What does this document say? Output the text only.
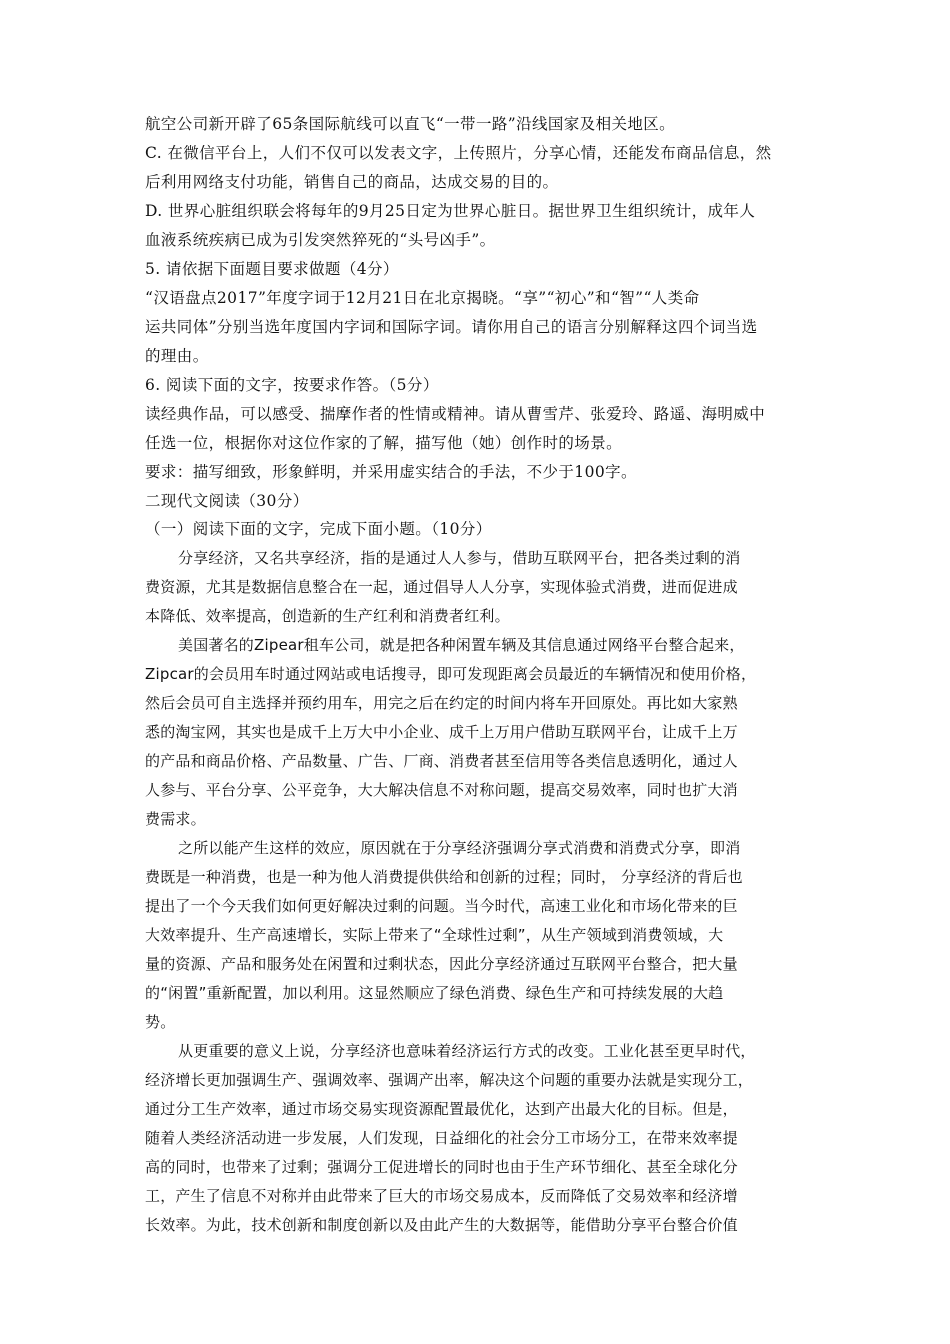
航空公司新开辟了65条国际航线可以直飞“一带一路”沿线国家及相关地区。
C. 在微信平台上，人们不仅可以发表文字，上传照片，分享心情，还能发布商品信息，然
后利用网络支付功能，销售自己的商品，达成交易的目的。
D. 世界心脏组织联会将每年的9月25日定为世界心脏日。据世界卫生组织统计，成年人
血液系统疾病已成为引发突然猝死的“头号凶手”。
5. 请依据下面题目要求做题（4分）
“汉语盘点2017”年度字词于12月21日在北京揭晓。“享”“初心”和“智”“人类命
运共同体”分别当选年度国内字词和国际字词。请你用自己的语言分别解释这四个词当选
的理由。
6. 阅读下面的文字，按要求作答。（5分）
读经典作品，可以感受、揣摩作者的性情或精神。请从曹雪芹、张爱玲、路遥、海明威中
任选一位，根据你对这位作家的了解，描写他（她）创作时的场景。
要求：描写细致，形象鲜明，并采用虚实结合的手法，不少于100字。
二现代文阅读（30分）
（一）阅读下面的文字，完成下面小题。（10分）
分享经济，又名共享经济，指的是通过人人参与，借助互联网平台，把各类过剩的消
费资源，尤其是数据信息整合在一起，通过倡导人人分享，实现体验式消费，进而促进成
本降低、效率提高，创造新的生产红利和消费者红利。
美国著名的Zipear租车公司，就是把各种闲置车辆及其信息通过网络平台整合起来，
Zipcar的会员用车时通过网站或电话搜寻，即可发现距离会员最近的车辆情况和使用价格，
然后会员可自主选择并预约用车，用完之后在约定的时间内将车开回原处。再比如大家熟
悉的淘宝网，其实也是成千上万大中小企业、成千上万用户借助互联网平台，让成千上万
的产品和商品价格、产品数量、广告、厂商、消费者甚至信用等各类信息透明化，通过人
人参与、平台分享、公平竞争，大大解决信息不对称问题，提高交易效率，同时也扩大消
费需求。
之所以能产生这样的效应，原因就在于分享经济强调分享式消费和消费式分享，即消
费既是一种消费，也是一种为他人消费提供供给和创新的过程；同时， 分享经济的背后也
提出了一个今天我们如何更好解决过剩的问题。当今时代，高速工业化和市场化带来的巨
大效率提升、生产高速增长，实际上带来了“全球性过剩”，从生产领域到消费领域，大
量的资源、产品和服务处在闲置和过剩状态，因此分享经济通过互联网平台整合，把大量
的“闲置”重新配置，加以利用。这显然顺应了绿色消费、绿色生产和可持续发展的大趋
势。
从更重要的意义上说，分享经济也意味着经济运行方式的改变。工业化甚至更早时代，
经济增长更加强调生产、强调效率、强调产出率，解决这个问题的重要办法就是实现分工，
通过分工生产效率，通过市场交易实现资源配置最优化，达到产出最大化的目标。但是，
随着人类经济活动进一步发展，人们发现，日益细化的社会分工市场分工，在带来效率提
高的同时，也带来了过剩；强调分工促进增长的同时也由于生产环节细化、甚至全球化分
工，产生了信息不对称并由此带来了巨大的市场交易成本，反而降低了交易效率和经济增
长效率。为此，技术创新和制度创新以及由此产生的大数据等，能借助分享平台整合价值
